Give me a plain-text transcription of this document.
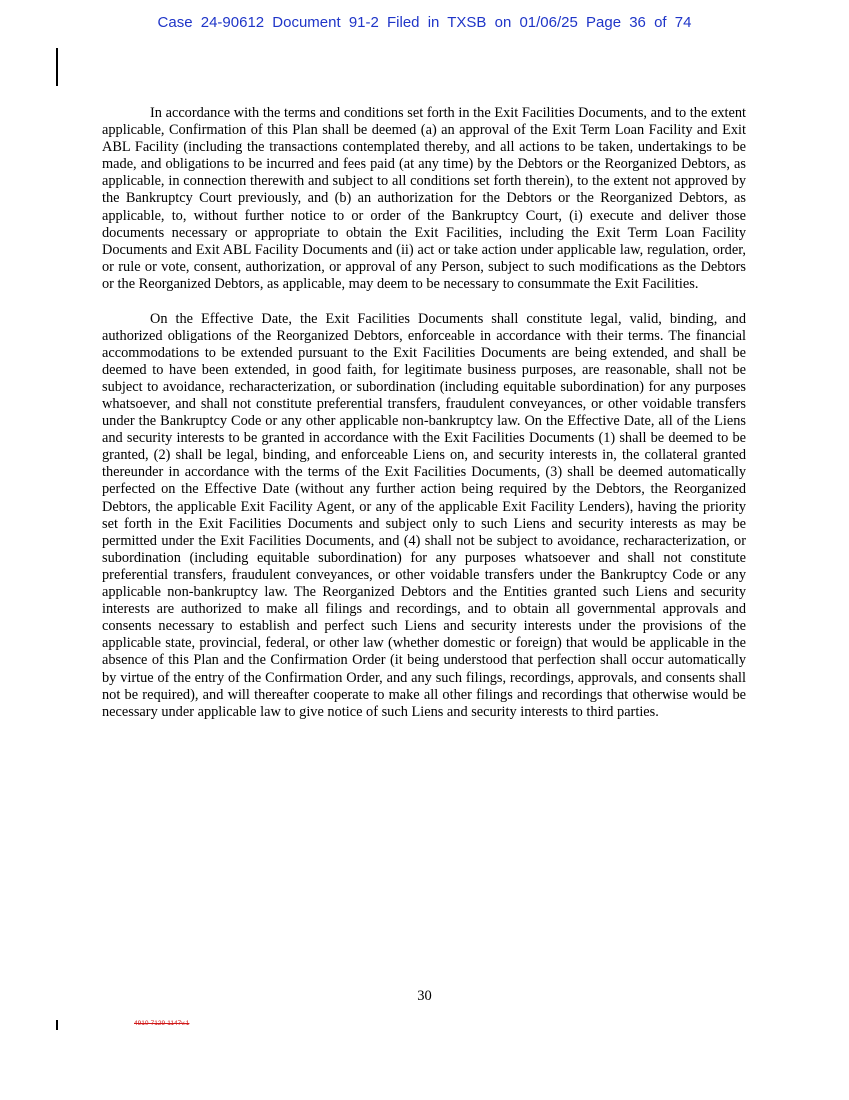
Case 24-90612 Document 91-2 Filed in TXSB on 01/06/25 Page 36 of 74

In accordance with the terms and conditions set forth in the Exit Facilities Documents, and to the extent applicable, Confirmation of this Plan shall be deemed (a) an approval of the Exit Term Loan Facility and Exit ABL Facility (including the transactions contemplated thereby, and all actions to be taken, undertakings to be made, and obligations to be incurred and fees paid (at any time) by the Debtors or the Reorganized Debtors, as applicable, in connection therewith and subject to all conditions set forth therein), to the extent not approved by the Bankruptcy Court previously, and (b) an authorization for the Debtors or the Reorganized Debtors, as applicable, to, without further notice to or order of the Bankruptcy Court, (i) execute and deliver those documents necessary or appropriate to obtain the Exit Facilities, including the Exit Term Loan Facility Documents and Exit ABL Facility Documents and (ii) act or take action under applicable law, regulation, order, or rule or vote, consent, authorization, or approval of any Person, subject to such modifications as the Debtors or the Reorganized Debtors, as applicable, may deem to be necessary to consummate the Exit Facilities.

On the Effective Date, the Exit Facilities Documents shall constitute legal, valid, binding, and authorized obligations of the Reorganized Debtors, enforceable in accordance with their terms. The financial accommodations to be extended pursuant to the Exit Facilities Documents are being extended, and shall be deemed to have been extended, in good faith, for legitimate business purposes, are reasonable, shall not be subject to avoidance, recharacterization, or subordination (including equitable subordination) for any purposes whatsoever, and shall not constitute preferential transfers, fraudulent conveyances, or other voidable transfers under the Bankruptcy Code or any other applicable non-bankruptcy law. On the Effective Date, all of the Liens and security interests to be granted in accordance with the Exit Facilities Documents (1) shall be deemed to be granted, (2) shall be legal, binding, and enforceable Liens on, and security interests in, the collateral granted thereunder in accordance with the terms of the Exit Facilities Documents, (3) shall be deemed automatically perfected on the Effective Date (without any further action being required by the Debtors, the Reorganized Debtors, the applicable Exit Facility Agent, or any of the applicable Exit Facility Lenders), having the priority set forth in the Exit Facilities Documents and subject only to such Liens and security interests as may be permitted under the Exit Facilities Documents, and (4) shall not be subject to avoidance, recharacterization, or subordination (including equitable subordination) for any purposes whatsoever and shall not constitute preferential transfers, fraudulent conveyances, or other voidable transfers under the Bankruptcy Code or any applicable non-bankruptcy law. The Reorganized Debtors and the Entities granted such Liens and security interests are authorized to make all filings and recordings, and to obtain all governmental approvals and consents necessary to establish and perfect such Liens and security interests under the provisions of the applicable state, provincial, federal, or other law (whether domestic or foreign) that would be applicable in the absence of this Plan and the Confirmation Order (it being understood that perfection shall occur automatically by virtue of the entry of the Confirmation Order, and any such filings, recordings, approvals, and consents shall not be required), and will thereafter cooperate to make all other filings and recordings that otherwise would be necessary under applicable law to give notice of such Liens and security interests to third parties.

30
4910-7129-1147v.1
